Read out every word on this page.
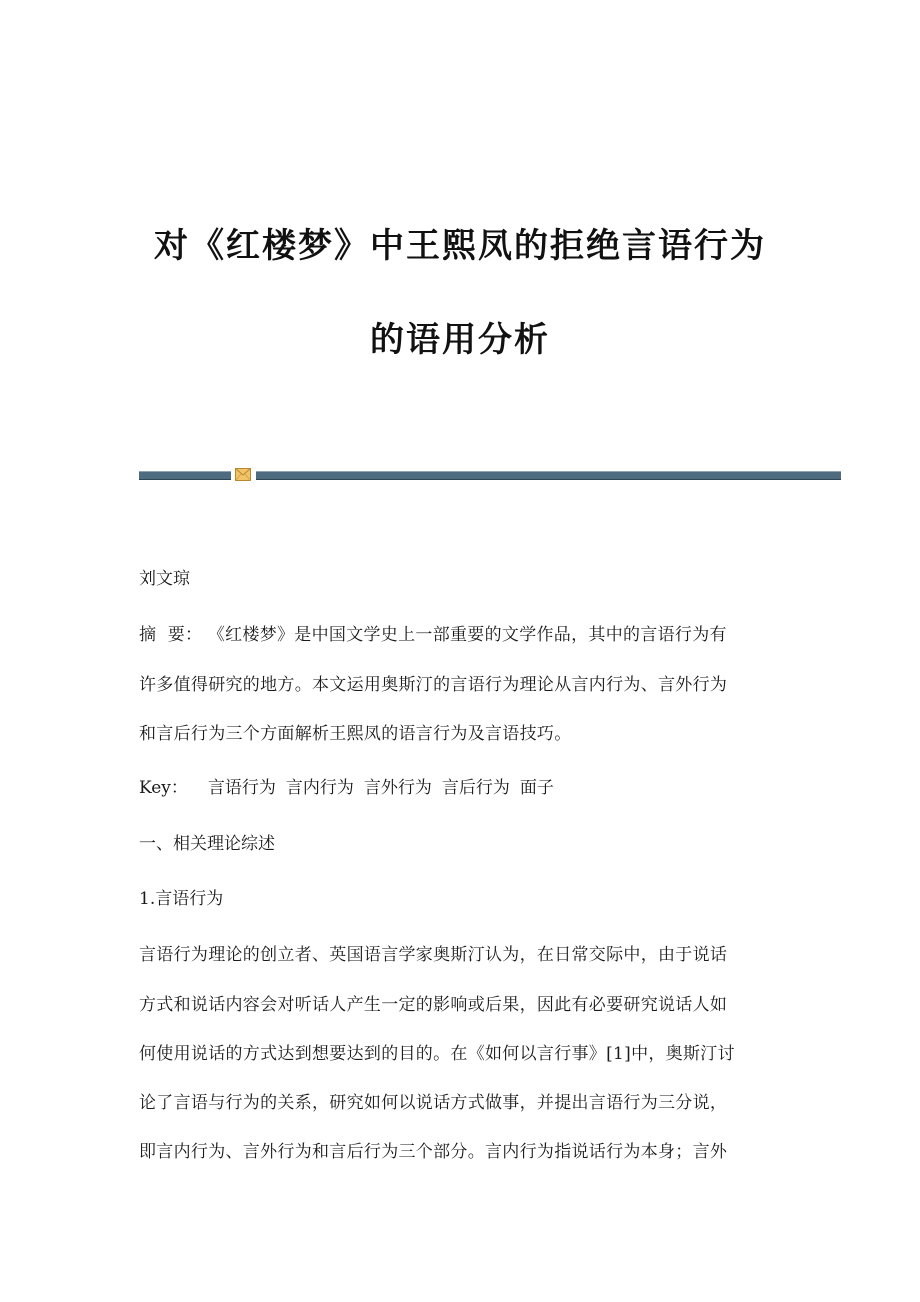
对《红楼梦》中王熙凤的拒绝言语行为
的语用分析

刘文琼

摘  要： 《红楼梦》是中国文学史上一部重要的文学作品，其中的言语行为有

许多值得研究的地方。本文运用奥斯汀的言语行为理论从言内行为、言外行为

和言后行为三个方面解析王熙凤的语言行为及言语技巧。

Key： 言语行为 言内行为 言外行为 言后行为 面子

一、相关理论综述

1.言语行为

言语行为理论的创立者、英国语言学家奥斯汀认为，在日常交际中，由于说话

方式和说话内容会对听话人产生一定的影响或后果，因此有必要研究说话人如

何使用说话的方式达到想要达到的目的。在《如何以言行事》[1]中，奥斯汀讨

论了言语与行为的关系，研究如何以说话方式做事，并提出言语行为三分说，

即言内行为、言外行为和言后行为三个部分。言内行为指说话行为本身；言外
